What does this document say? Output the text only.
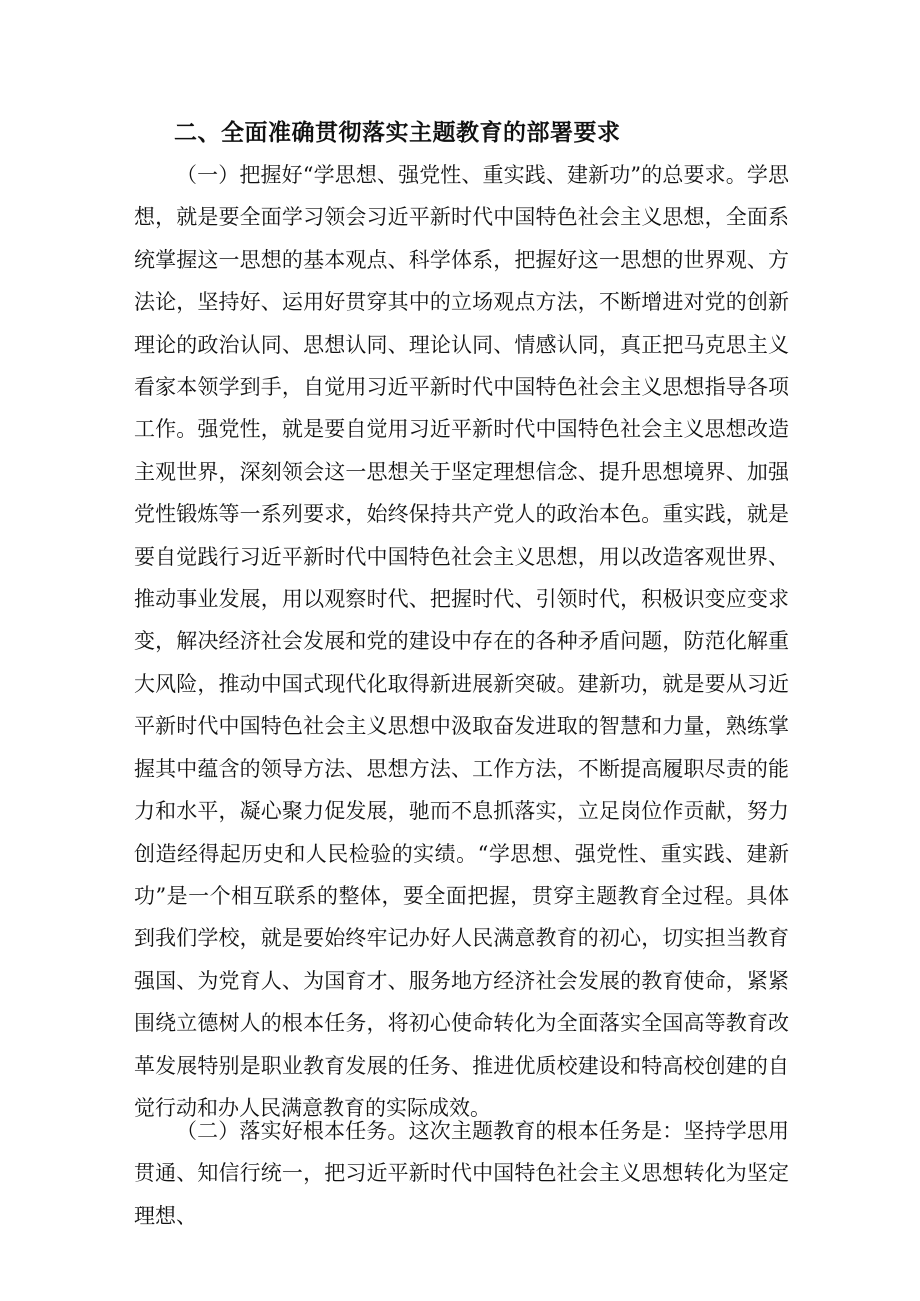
二、全面准确贯彻落实主题教育的部署要求

（一）把握好“学思想、强党性、重实践、建新功”的总要求。学思想，就是要全面学习领会习近平新时代中国特色社会主义思想，全面系统掌握这一思想的基本观点、科学体系，把握好这一思想的世界观、方法论，坚持好、运用好贯穿其中的立场观点方法，不断增进对党的创新理论的政治认同、思想认同、理论认同、情感认同，真正把马克思主义看家本领学到手，自觉用习近平新时代中国特色社会主义思想指导各项工作。强党性，就是要自觉用习近平新时代中国特色社会主义思想改造主观世界，深刻领会这一思想关于坚定理想信念、提升思想境界、加强党性锻炼等一系列要求，始终保持共产党人的政治本色。重实践，就是要自觉践行习近平新时代中国特色社会主义思想，用以改造客观世界、推动事业发展，用以观察时代、把握时代、引领时代，积极识变应变求变，解决经济社会发展和党的建设中存在的各种矛盾问题，防范化解重大风险，推动中国式现代化取得新进展新突破。建新功，就是要从习近平新时代中国特色社会主义思想中汲取奋发进取的智慧和力量，熟练掌握其中蕴含的领导方法、思想方法、工作方法，不断提高履职尽责的能力和水平，凝心聚力促发展，驰而不息抓落实，立足岗位作贡献，努力创造经得起历史和人民检验的实绩。“学思想、强党性、重实践、建新功”是一个相互联系的整体，要全面把握，贯穿主题教育全过程。具体到我们学校，就是要始终牢记办好人民满意教育的初心，切实担当教育强国、为党育人、为国育才、服务地方经济社会发展的教育使命，紧紧围绕立德树人的根本任务，将初心使命转化为全面落实全国高等教育改革发展特别是职业教育发展的任务、推进优质校建设和特高校创建的自觉行动和办人民满意教育的实际成效。

（二）落实好根本任务。这次主题教育的根本任务是：坚持学思用贯通、知信行统一，把习近平新时代中国特色社会主义思想转化为坚定理想、
